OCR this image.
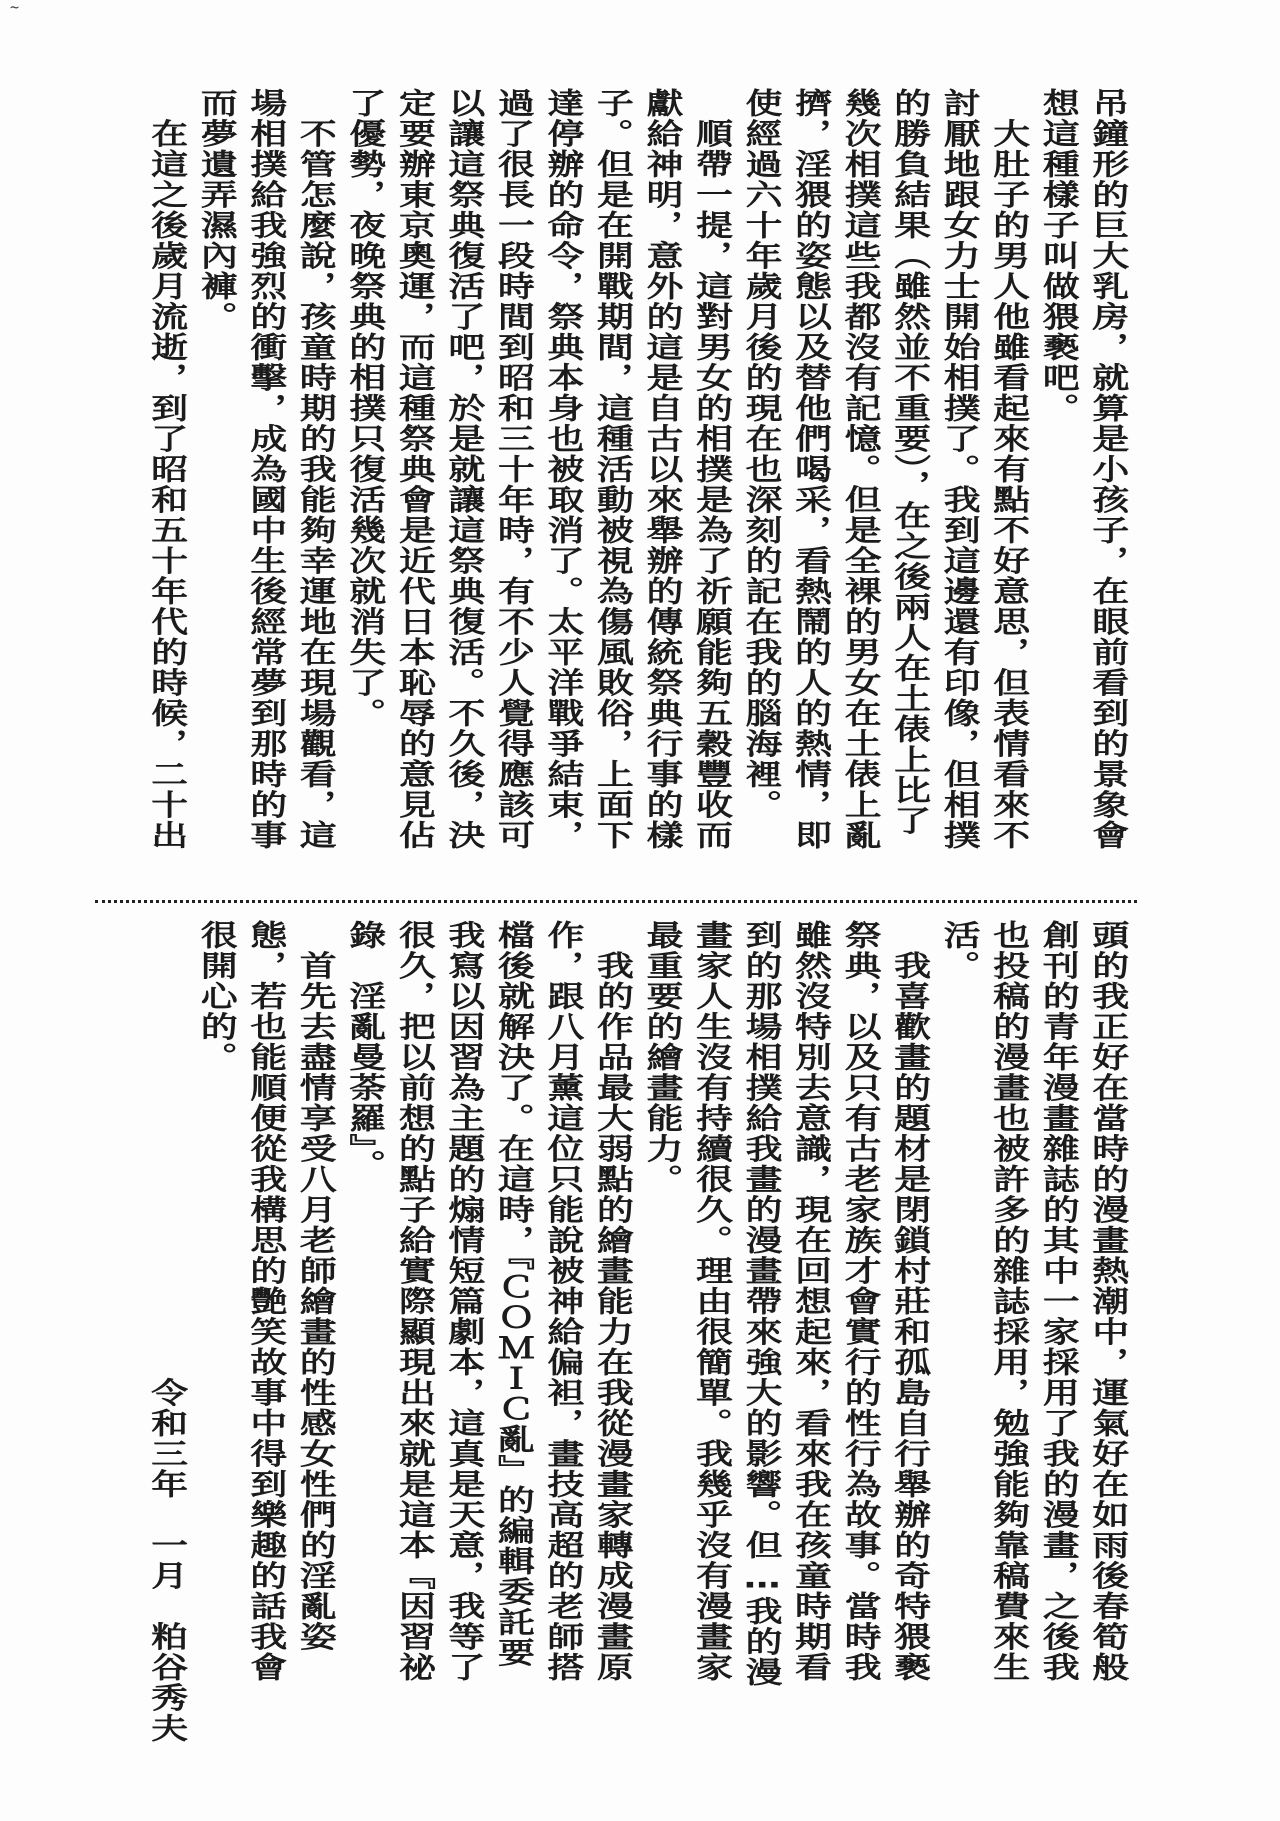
~
吊鐘形的巨大乳房，就算是小孩子，在眼前看到的景象會
想這種樣子叫做猥褻吧。
　大肚子的男人他雖看起來有點不好意思，但表情看來不
討厭地跟女力士開始相撲了。我到這邊還有印像，但相撲
的勝負結果（雖然並不重要），在之後兩人在土俵上比了
幾次相撲這些我都沒有記憶。但是全裸的男女在土俵上亂
擠，淫猥的姿態以及替他們喝采，看熱鬧的人的熱情，即
使經過六十年歲月後的現在也深刻的記在我的腦海裡。
　順帶一提，這對男女的相撲是為了祈願能夠五穀豐收而
獻給神明，意外的這是自古以來舉辦的傳統祭典行事的樣
子。但是在開戰期間，這種活動被視為傷風敗俗，上面下
達停辦的命令，祭典本身也被取消了。太平洋戰爭結束，
過了很長一段時間到昭和三十年時，有不少人覺得應該可
以讓這祭典復活了吧，於是就讓這祭典復活。不久後，決
定要辦東京奧運，而這種祭典會是近代日本恥辱的意見佔
了優勢，夜晚祭典的相撲只復活幾次就消失了。
　不管怎麼說，孩童時期的我能夠幸運地在現場觀看，這
場相撲給我強烈的衝擊，成為國中生後經常夢到那時的事
而夢遺弄濕內褲。
　在這之後歲月流逝，到了昭和五十年代的時候，二十出
頭的我正好在當時的漫畫熱潮中，運氣好在如雨後春筍般
創刊的青年漫畫雜誌的其中一家採用了我的漫畫，之後我
也投稿的漫畫也被許多的雜誌採用，勉強能夠靠稿費來生
活。
　我喜歡畫的題材是閉鎖村莊和孤島自行舉辦的奇特猥褻
祭典，以及只有古老家族才會實行的性行為故事。當時我
雖然沒特別去意識，現在回想起來，看來我在孩童時期看
到的那場相撲給我畫的漫畫帶來強大的影響。但…我的漫
畫家人生沒有持續很久。理由很簡單。我幾乎沒有漫畫家
最重要的繪畫能力。
　我的作品最大弱點的繪畫能力在我從漫畫家轉成漫畫原
作，跟八月薰這位只能說被神給偏袒，畫技高超的老師搭
檔後就解決了。在這時，『ＣＯＭＩＣ亂』的編輯委託要
我寫以因習為主題的煽情短篇劇本，這真是天意，我等了
很久，把以前想的點子給實際顯現出來就是這本『因習祕
錄　淫亂曼荼羅』。
　首先去盡情享受八月老師繪畫的性感女性們的淫亂姿
態，若也能順便從我構思的艷笑故事中得到樂趣的話我會
很開心的。
　　　　　　　　　　　　　　　令和三年　一月　粕谷秀夫
